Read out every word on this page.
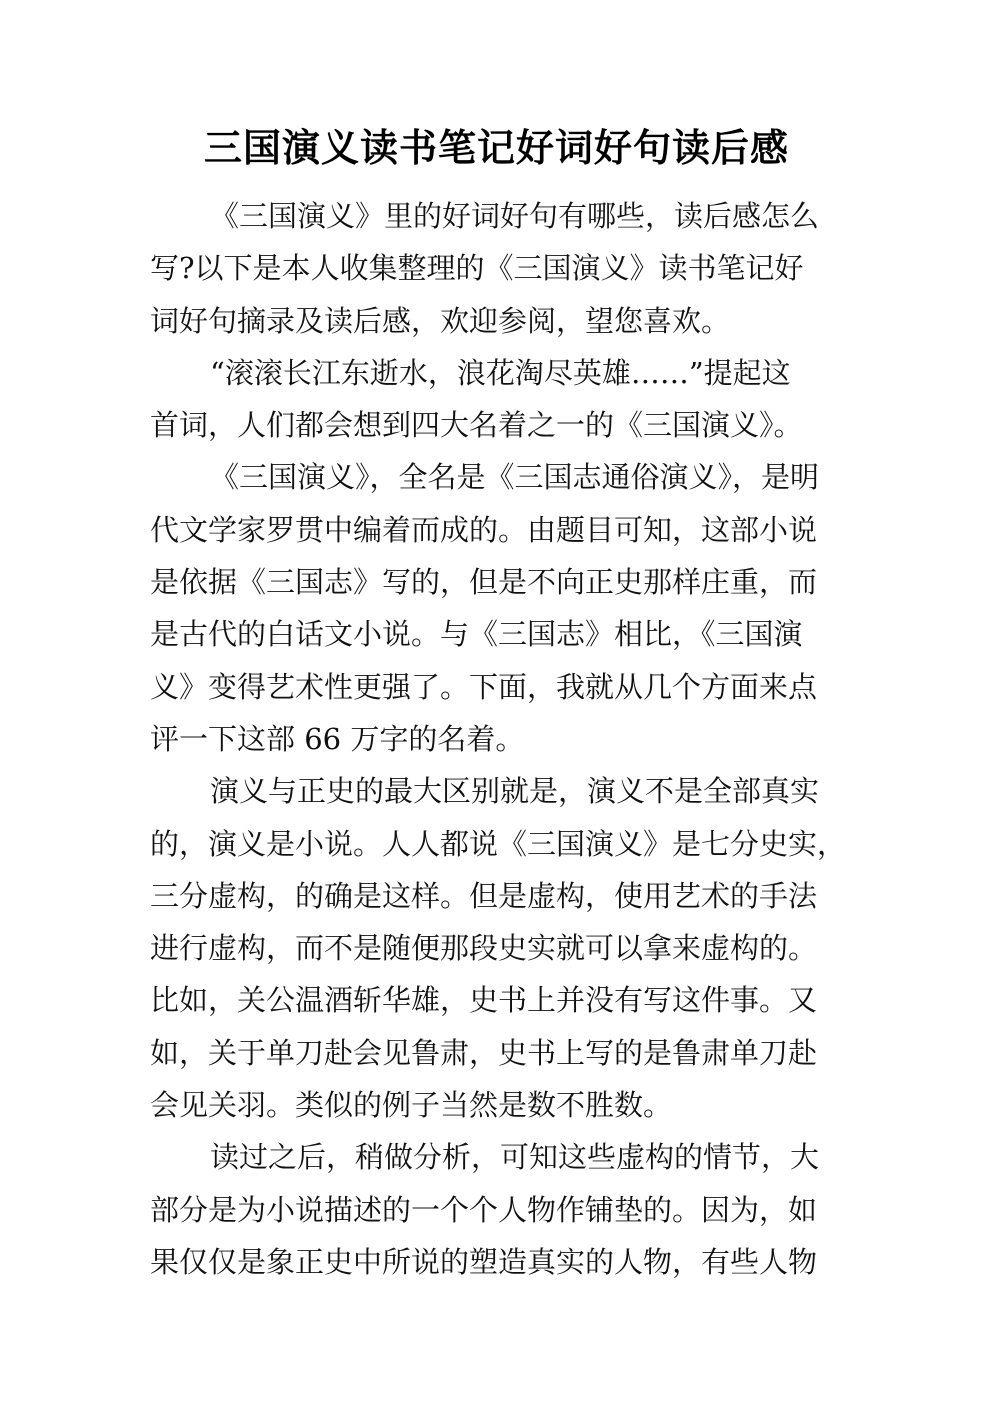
三国演义读书笔记好词好句读后感
《三国演义》里的好词好句有哪些，读后感怎么
写?以下是本人收集整理的《三国演义》读书笔记好
词好句摘录及读后感，欢迎参阅，望您喜欢。
“滚滚长江东逝水，浪花淘尽英雄……”提起这
首词，人们都会想到四大名着之一的《三国演义》。
《三国演义》，全名是《三国志通俗演义》，是明
代文学家罗贯中编着而成的。由题目可知，这部小说
是依据《三国志》写的，但是不向正史那样庄重，而
是古代的白话文小说。与《三国志》相比，《三国演
义》变得艺术性更强了。下面，我就从几个方面来点
评一下这部 66 万字的名着。
演义与正史的最大区别就是，演义不是全部真实
的，演义是小说。人人都说《三国演义》是七分史实，
三分虚构，的确是这样。但是虚构，使用艺术的手法
进行虚构，而不是随便那段史实就可以拿来虚构的。
比如，关公温酒斩华雄，史书上并没有写这件事。又
如，关于单刀赴会见鲁肃，史书上写的是鲁肃单刀赴
会见关羽。类似的例子当然是数不胜数。
读过之后，稍做分析，可知这些虚构的情节，大
部分是为小说描述的一个个人物作铺垫的。因为，如
果仅仅是象正史中所说的塑造真实的人物，有些人物
